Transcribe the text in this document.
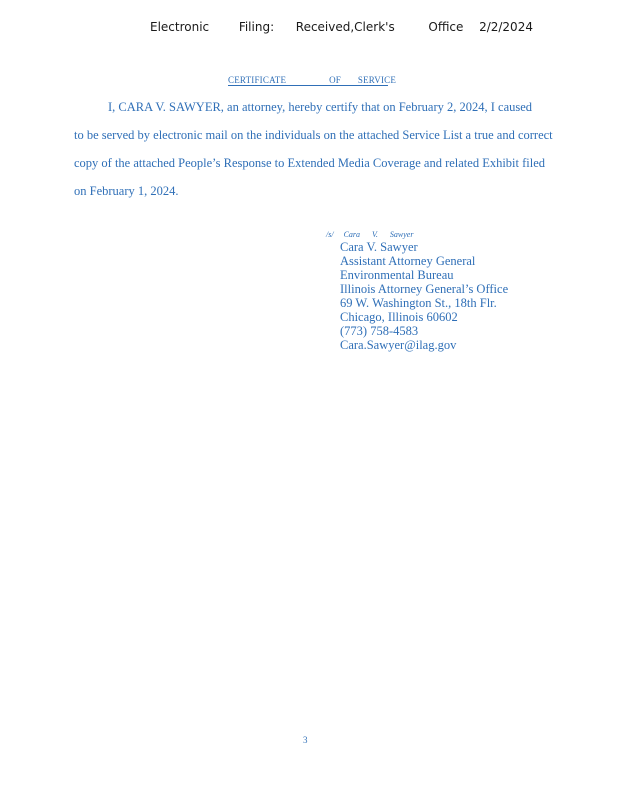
Electronic Filing: Received,Clerk's	Office 2/2/2024
CERTIFICATE	OF SERVICE
I, CARA V. SAWYER, an attorney, hereby certify that on February 2, 2024, I caused
to be served by electronic mail on the individuals on the attached Service List a true and correct
copy of the attached People’s Response to Extended Media Coverage and related Exhibit filed
on February 1, 2024.
/s/ Cara V. Sawyer
Cara V. Sawyer
Assistant Attorney General
Environmental Bureau
Illinois Attorney General’s Office
69 W. Washington St., 18th Flr.
Chicago, Illinois 60602
(773) 758-4583
Cara.Sawyer@ilag.gov
3
